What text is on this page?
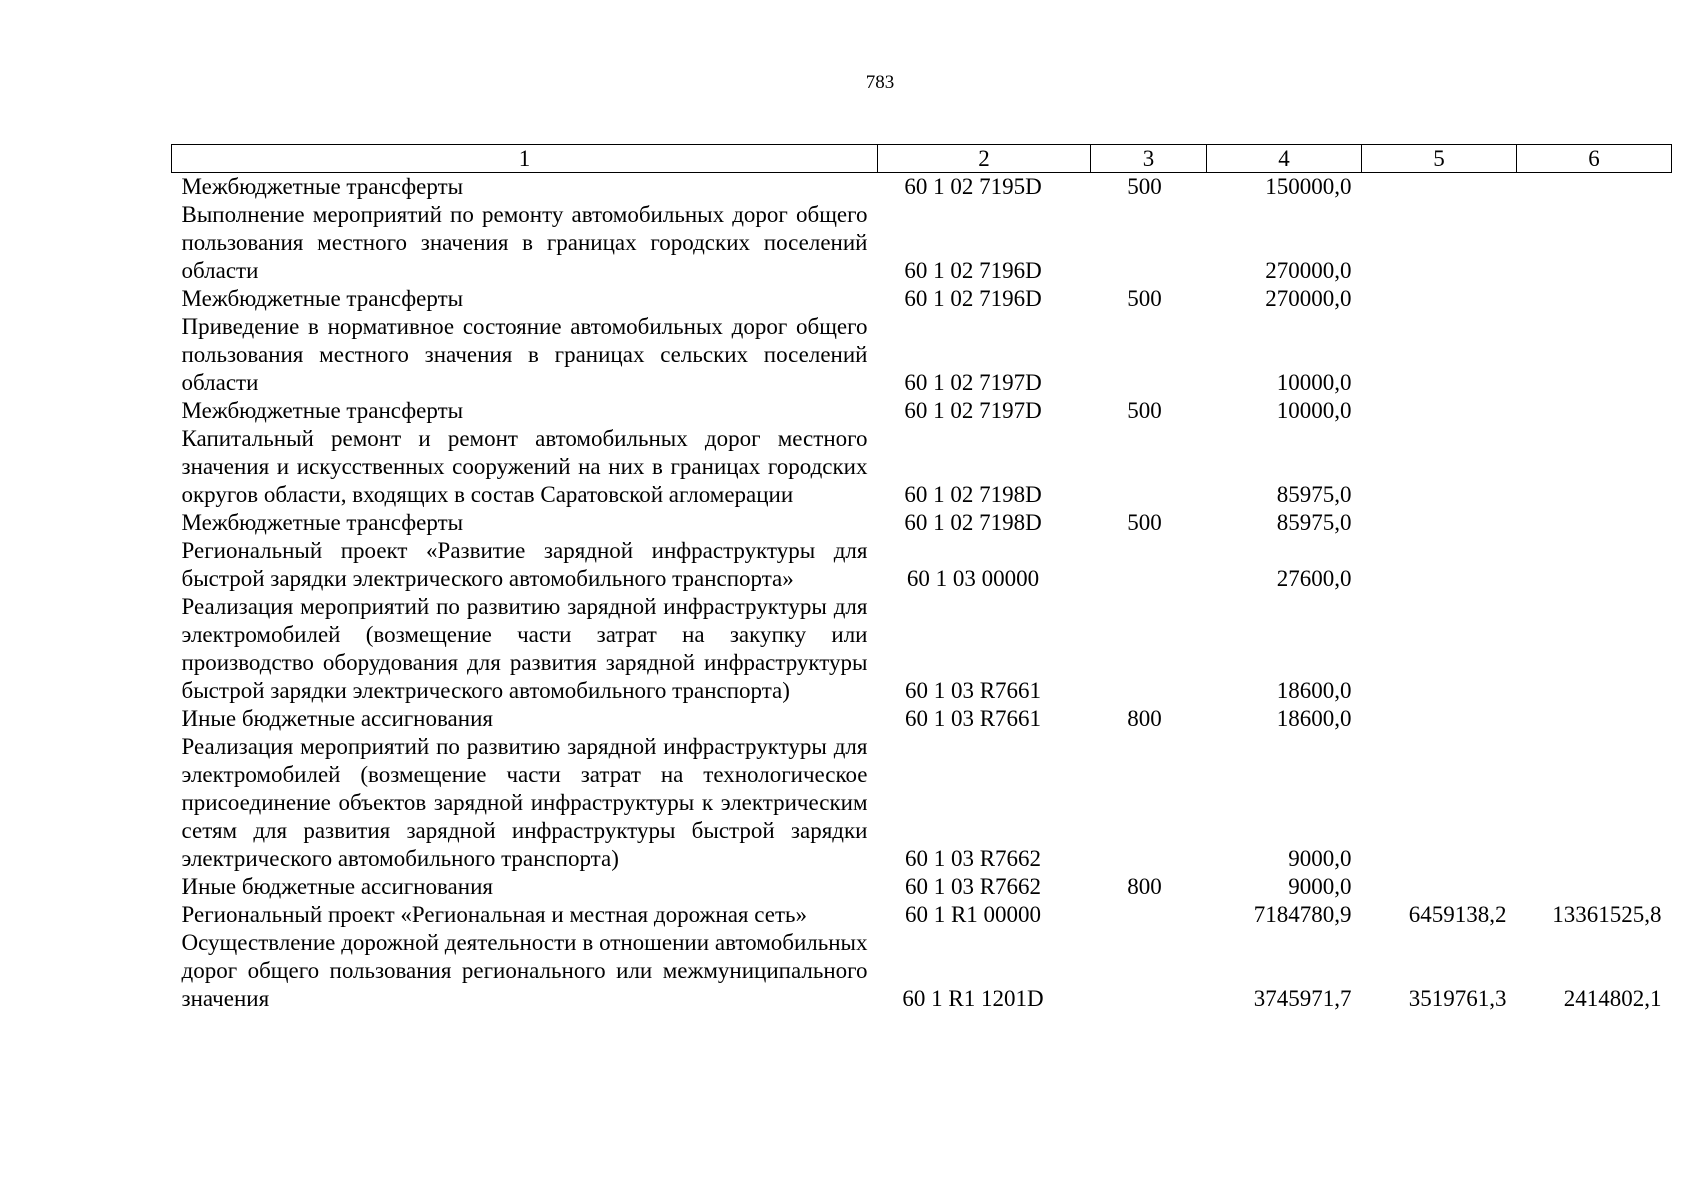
783
1	2	3	4	5	6
Межбюджетные трансферты	60 1 02 7195D	500	150000,0		
Выполнение мероприятий по ремонту автомобильных дорог общего пользования местного значения в границах городских поселений области	60 1 02 7196D		270000,0		
Межбюджетные трансферты	60 1 02 7196D	500	270000,0		
Приведение в нормативное состояние автомобильных дорог общего пользования местного значения в границах сельских поселений области	60 1 02 7197D		10000,0		
Межбюджетные трансферты	60 1 02 7197D	500	10000,0		
Капитальный ремонт и ремонт автомобильных дорог местного значения и искусственных сооружений на них в границах городских округов области, входящих в состав Саратовской агломерации	60 1 02 7198D		85975,0		
Межбюджетные трансферты	60 1 02 7198D	500	85975,0		
Региональный проект «Развитие зарядной инфраструктуры для быстрой зарядки электрического автомобильного транспорта»	60 1 03 00000		27600,0		
Реализация мероприятий по развитию зарядной инфраструктуры для электромобилей (возмещение части затрат на закупку или производство оборудования для развития зарядной инфраструктуры быстрой зарядки электрического автомобильного транспорта)	60 1 03 R7661		18600,0		
Иные бюджетные ассигнования	60 1 03 R7661	800	18600,0		
Реализация мероприятий по развитию зарядной инфраструктуры для электромобилей (возмещение части затрат на технологическое присоединение объектов зарядной инфраструктуры к электрическим сетям для развития зарядной инфраструктуры быстрой зарядки электрического автомобильного транспорта)	60 1 03 R7662		9000,0		
Иные бюджетные ассигнования	60 1 03 R7662	800	9000,0		
Региональный проект «Региональная и местная дорожная сеть»	60 1 R1 00000		7184780,9	6459138,2	13361525,8
Осуществление дорожной деятельности в отношении автомобильных дорог общего пользования регионального или межмуниципального значения	60 1 R1 1201D		3745971,7	3519761,3	2414802,1
